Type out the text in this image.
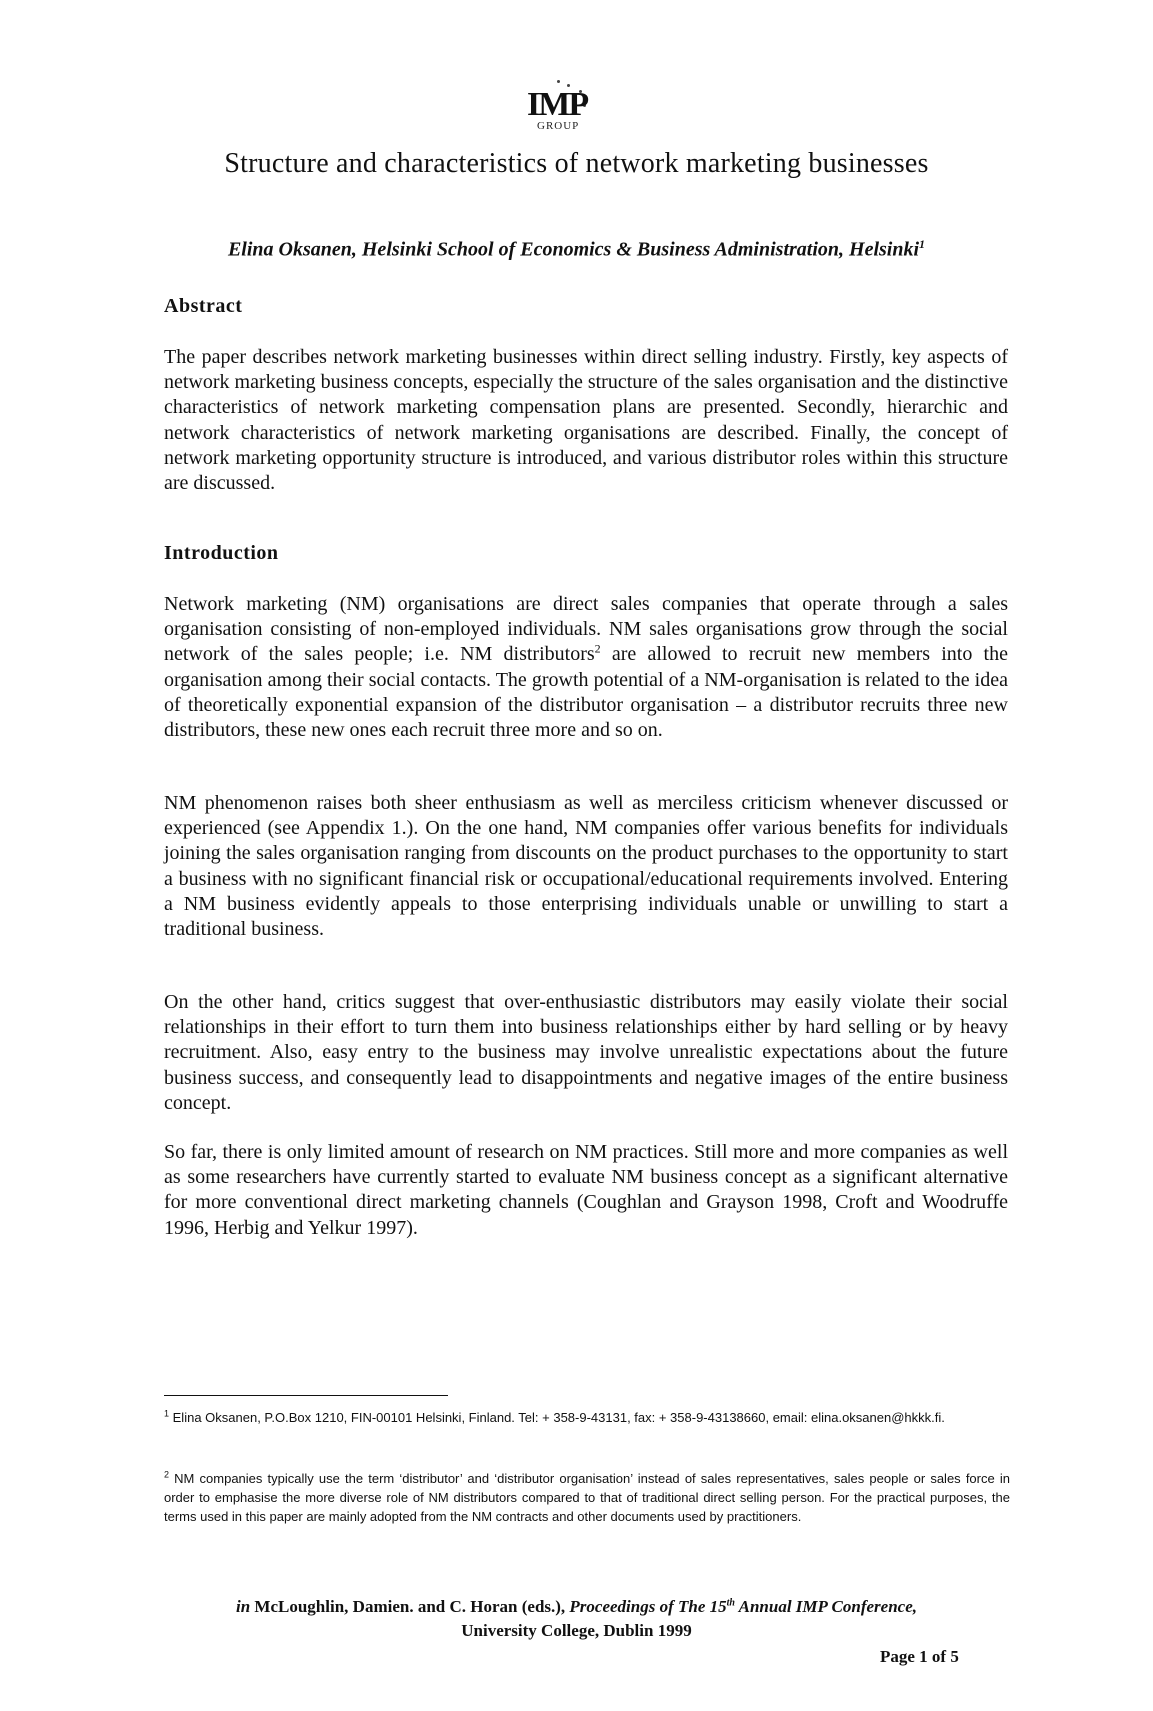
IMP
GROUP
Structure and characteristics of network marketing businesses
Elina Oksanen, Helsinki School of Economics & Business Administration, Helsinki$^1$
Abstract
The paper describes network marketing businesses within direct selling industry. Firstly, key aspects of network marketing business concepts, especially the structure of the sales organisation and the distinctive characteristics of network marketing compensation plans are presented. Secondly, hierarchic and network characteristics of network marketing organisations are described. Finally, the concept of network marketing opportunity structure is introduced, and various distributor roles within this structure are discussed.
Introduction
Network marketing (NM) organisations are direct sales companies that operate through a sales organisation consisting of non-employed individuals. NM sales organisations grow through the social network of the sales people; i.e. NM distributors$^2$ are allowed to recruit new members into the organisation among their social contacts. The growth potential of a NM-organisation is related to the idea of theoretically exponential expansion of the distributor organisation – a distributor recruits three new distributors, these new ones each recruit three more and so on.
NM phenomenon raises both sheer enthusiasm as well as merciless criticism whenever discussed or experienced (see Appendix 1.). On the one hand, NM companies offer various benefits for individuals joining the sales organisation ranging from discounts on the product purchases to the opportunity to start a business with no significant financial risk or occupational/educational requirements involved. Entering a NM business evidently appeals to those enterprising individuals unable or unwilling to start a traditional business.
On the other hand, critics suggest that over-enthusiastic distributors may easily violate their social relationships in their effort to turn them into business relationships either by hard selling or by heavy recruitment. Also, easy entry to the business may involve unrealistic expectations about the future business success, and consequently lead to disappointments and negative images of the entire business concept.
So far, there is only limited amount of research on NM practices. Still more and more companies as well as some researchers have currently started to evaluate NM business concept as a significant alternative for more conventional direct marketing channels (Coughlan and Grayson 1998, Croft and Woodruffe 1996, Herbig and Yelkur 1997).
$^1$ Elina Oksanen, P.O.Box 1210, FIN-00101 Helsinki, Finland. Tel: + 358-9-43131, fax: + 358-9-43138660, email: elina.oksanen@hkkk.fi.
$^2$ NM companies typically use the term ‘distributor’ and ‘distributor organisation’ instead of sales representatives, sales people or sales force in order to emphasise the more diverse role of NM distributors compared to that of traditional direct selling person. For the practical purposes, the terms used in this paper are mainly adopted from the NM contracts and other documents used by practitioners.
in McLoughlin, Damien. and C. Horan (eds.), Proceedings of The 15th Annual IMP Conference,
University College, Dublin 1999
Page 1 of 5
